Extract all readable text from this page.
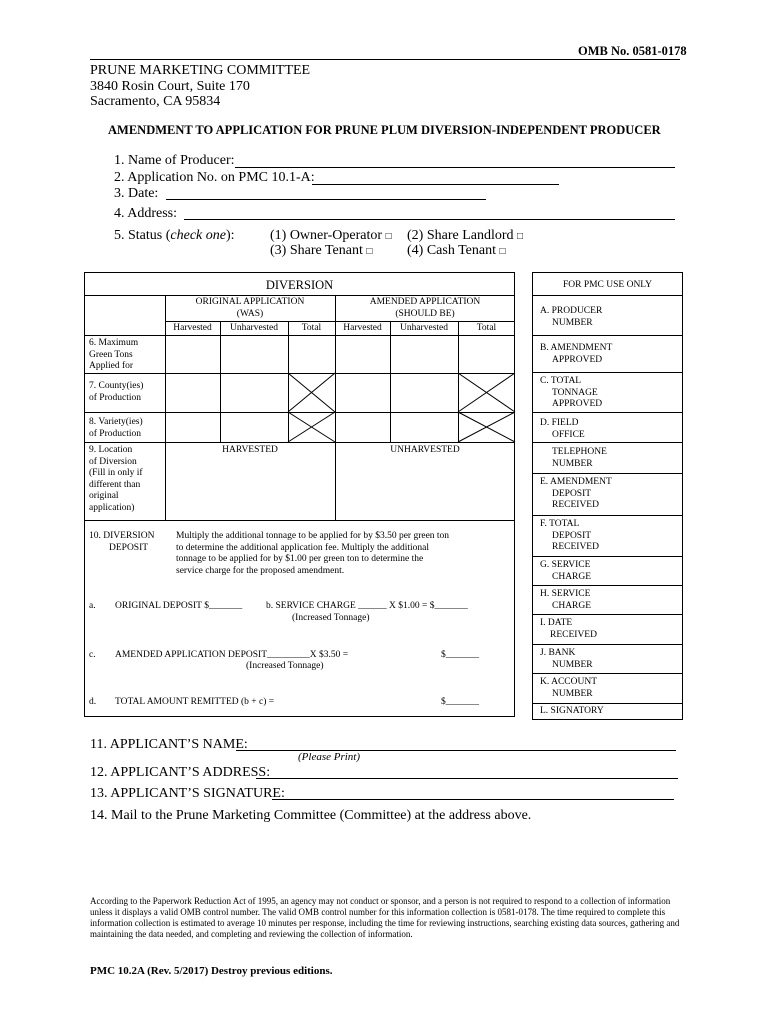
OMB No. 0581-0178
PRUNE MARKETING COMMITTEE
3840 Rosin Court, Suite 170
Sacramento, CA 95834
AMENDMENT TO APPLICATION FOR PRUNE PLUM DIVERSION-INDEPENDENT PRODUCER
1. Name of Producer:
2. Application No. on PMC 10.1-A:
3. Date:
4. Address:
5. Status (check one):	(1) Owner-Operator □ (2) Share Landlord □
(3) Share Tenant □ (4) Cash Tenant □
DIVERSION
ORIGINAL APPLICATION
(WAS)
AMENDED APPLICATION
(SHOULD BE)
Harvested	Unharvested	Total	Harvested	Unharvested	Total
6. Maximum
Green Tons
Applied for
7. County(ies)
of Production
8. Variety(ies)
of Production
9. Location
of Diversion
(Fill in only if
different than
original
application)
HARVESTED	UNHARVESTED
10. DIVERSION
DEPOSIT
Multiply the additional tonnage to be applied for by $3.50 per green ton
to determine the additional application fee. Multiply the additional
tonnage to be applied for by $1.00 per green ton to determine the
service charge for the proposed amendment.
a. ORIGINAL DEPOSIT $_______	b. SERVICE CHARGE ______ X $1.00 = $_______
(Increased Tonnage)
c. AMENDED APPLICATION DEPOSIT_________X $3.50 =	$_______
(Increased Tonnage)
d. TOTAL AMOUNT REMITTED (b + c) =	$_______
FOR PMC USE ONLY
A. PRODUCER
NUMBER
B. AMENDMENT
APPROVED
C. TOTAL
TONNAGE
APPROVED
D. FIELD
OFFICE
TELEPHONE
NUMBER
E. AMENDMENT
DEPOSIT
RECEIVED
F. TOTAL
DEPOSIT
RECEIVED
G. SERVICE
CHARGE
H. SERVICE
CHARGE
I. DATE
RECEIVED
J. BANK
NUMBER
K. ACCOUNT
NUMBER
L. SIGNATORY
11. APPLICANT’S NAME:
(Please Print)
12. APPLICANT’S ADDRESS:
13. APPLICANT’S SIGNATURE:
14. Mail to the Prune Marketing Committee (Committee) at the address above.
According to the Paperwork Reduction Act of 1995, an agency may not conduct or sponsor, and a person is not required to respond to a collection of information unless it displays a valid OMB control number. The valid OMB control number for this information collection is 0581-0178. The time required to complete this information collection is estimated to average 10 minutes per response, including the time for reviewing instructions, searching existing data sources, gathering and maintaining the data needed, and completing and reviewing the collection of information.
PMC 10.2A (Rev. 5/2017) Destroy previous editions.
